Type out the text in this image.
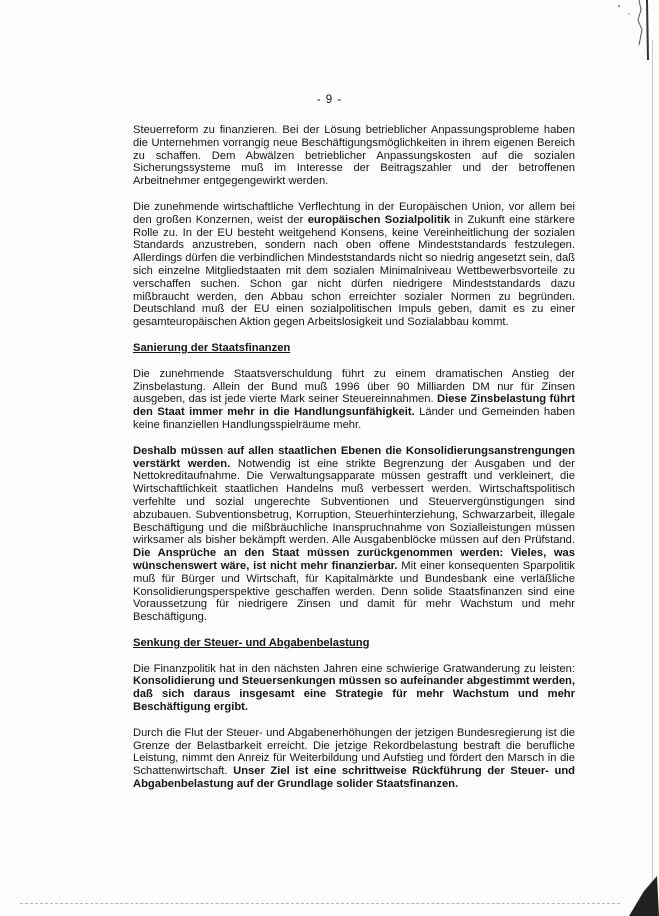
- 9 -
Steuerreform zu finanzieren. Bei der Lösung betrieblicher Anpassungsprobleme haben die Unternehmen vorrangig neue Beschäftigungsmöglichkeiten in ihrem eigenen Bereich zu schaffen. Dem Abwälzen betrieblicher Anpassungskosten auf die sozialen Sicherungssysteme muß im Interesse der Beitragszahler und der betroffenen Arbeitnehmer entgegengewirkt werden.
Die zunehmende wirtschaftliche Verflechtung in der Europäischen Union, vor allem bei den großen Konzernen, weist der europäischen Sozialpolitik in Zukunft eine stärkere Rolle zu. In der EU besteht weitgehend Konsens, keine Vereinheitlichung der sozialen Standards anzustreben, sondern nach oben offene Mindeststandards festzulegen. Allerdings dürfen die verbindlichen Mindeststandards nicht so niedrig angesetzt sein, daß sich einzelne Mitgliedstaaten mit dem sozialen Minimalniveau Wettbewerbsvorteile zu verschaffen suchen. Schon gar nicht dürfen niedrigere Mindeststandards dazu mißbraucht werden, den Abbau schon erreichter sozialer Normen zu begründen. Deutschland muß der EU einen sozialpolitischen Impuls geben, damit es zu einer gesamteuropäischen Aktion gegen Arbeitslosigkeit und Sozialabbau kommt.
Sanierung der Staatsfinanzen
Die zunehmende Staatsverschuldung führt zu einem dramatischen Anstieg der Zinsbelastung. Allein der Bund muß 1996 über 90 Milliarden DM nur für Zinsen ausgeben, das ist jede vierte Mark seiner Steuereinnahmen. Diese Zinsbelastung führt den Staat immer mehr in die Handlungsunfähigkeit. Länder und Gemeinden haben keine finanziellen Handlungsspielräume mehr.
Deshalb müssen auf allen staatlichen Ebenen die Konsolidierungsanstrengungen verstärkt werden. Notwendig ist eine strikte Begrenzung der Ausgaben und der Nettokreditaufnahme. Die Verwaltungsapparate müssen gestrafft und verkleinert, die Wirtschaftlichkeit staatlichen Handelns muß verbessert werden. Wirtschaftspolitisch verfehlte und sozial ungerechte Subventionen und Steuervergünstigungen sind abzubauen. Subventionsbetrug, Korruption, Steuerhinterziehung, Schwarzarbeit, illegale Beschäftigung und die mißbräuchliche Inanspruchnahme von Sozialleistungen müssen wirksamer als bisher bekämpft werden. Alle Ausgabenblöcke müssen auf den Prüfstand. Die Ansprüche an den Staat müssen zurückgenommen werden: Vieles, was wünschenswert wäre, ist nicht mehr finanzierbar. Mit einer konsequenten Sparpolitik muß für Bürger und Wirtschaft, für Kapitalmärkte und Bundesbank eine verläßliche Konsolidierungsperspektive geschaffen werden. Denn solide Staatsfinanzen sind eine Voraussetzung für niedrigere Zinsen und damit für mehr Wachstum und mehr Beschäftigung.
Senkung der Steuer- und Abgabenbelastung
Die Finanzpolitik hat in den nächsten Jahren eine schwierige Gratwanderung zu leisten: Konsolidierung und Steuersenkungen müssen so aufeinander abgestimmt werden, daß sich daraus insgesamt eine Strategie für mehr Wachstum und mehr Beschäftigung ergibt.
Durch die Flut der Steuer- und Abgabenerhöhungen der jetzigen Bundesregierung ist die Grenze der Belastbarkeit erreicht. Die jetzige Rekordbelastung bestraft die berufliche Leistung, nimmt den Anreiz für Weiterbildung und Aufstieg und fördert den Marsch in die Schattenwirtschaft. Unser Ziel ist eine schrittweise Rückführung der Steuer- und Abgabenbelastung auf der Grundlage solider Staatsfinanzen.
